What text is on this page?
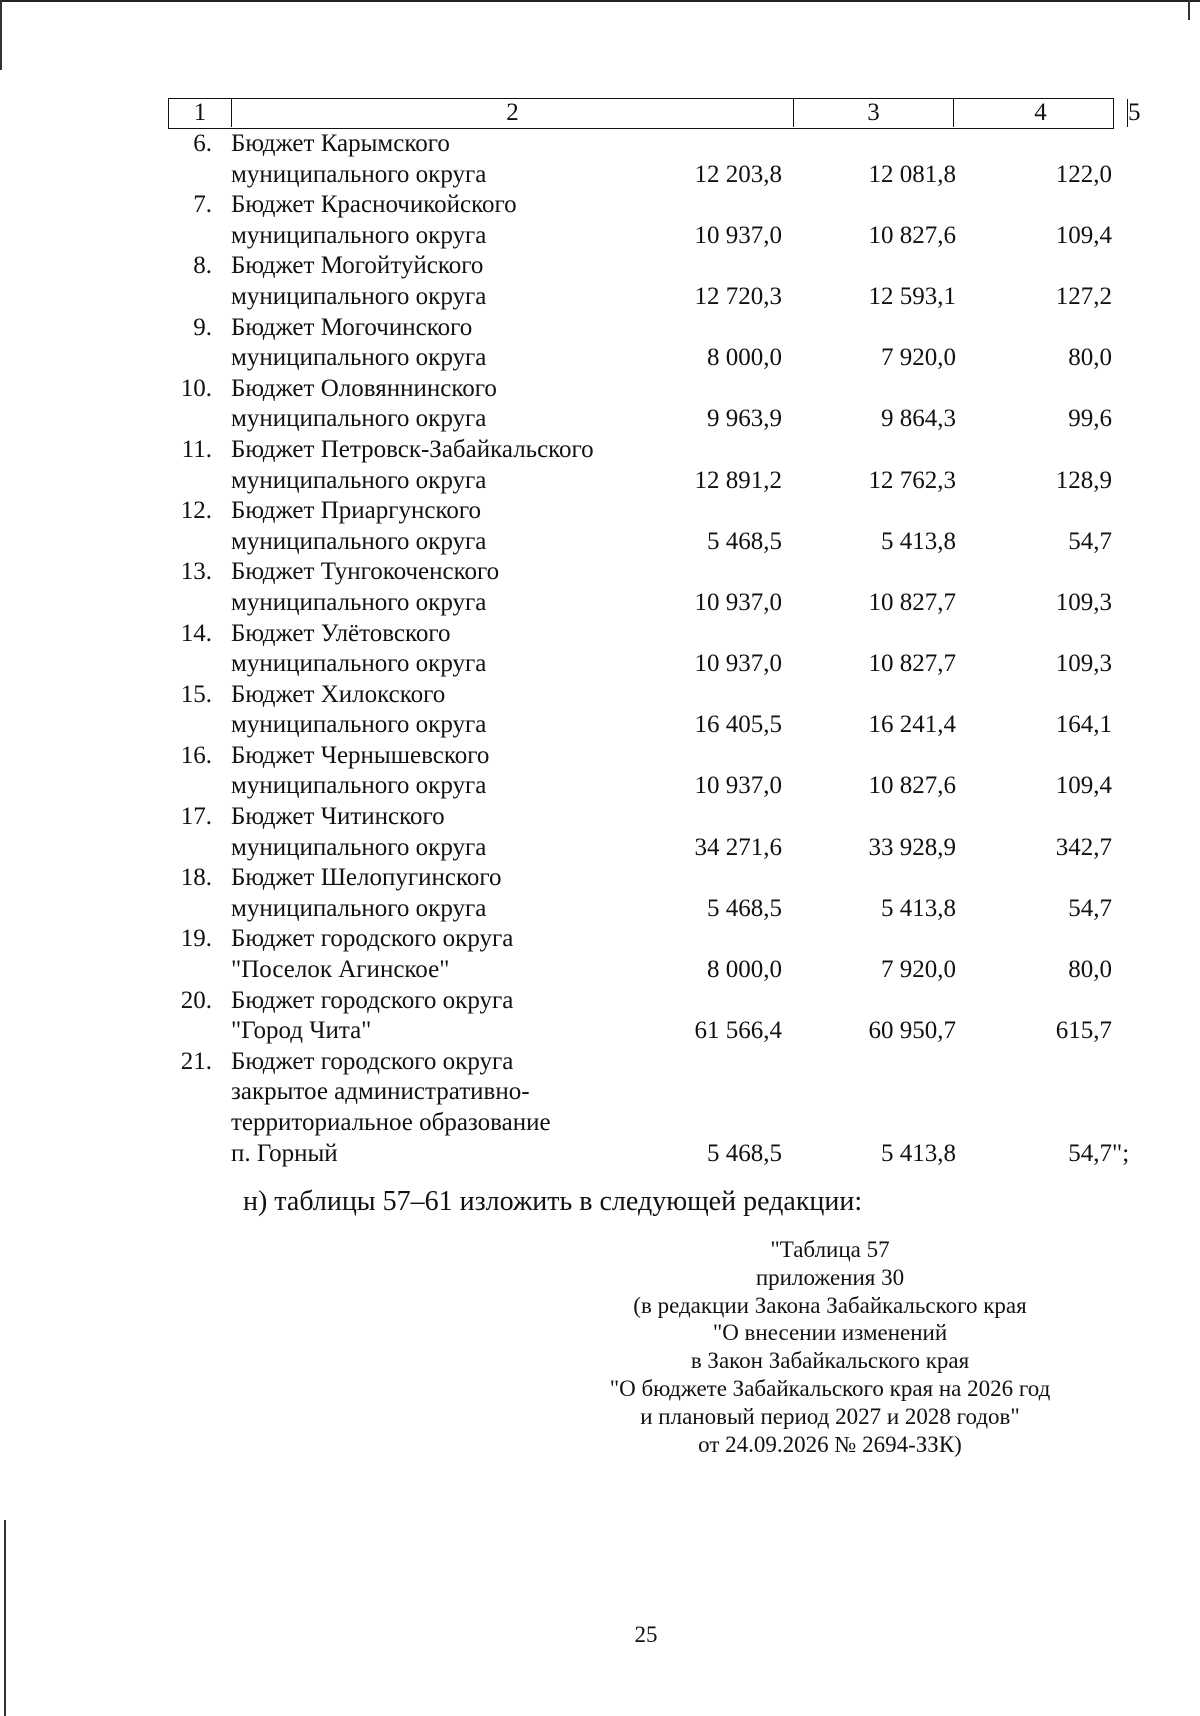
1	2	3	4	5
6. Бюджет Карымского
муниципального округа	12 203,8	12 081,8	122,0
7. Бюджет Красночикойского
муниципального округа	10 937,0	10 827,6	109,4
8. Бюджет Могойтуйского
муниципального округа	12 720,3	12 593,1	127,2
9. Бюджет Могочинского
муниципального округа	8 000,0	7 920,0	80,0
10. Бюджет Оловяннинского
муниципального округа	9 963,9	9 864,3	99,6
11. Бюджет Петровск-Забайкальского
муниципального округа	12 891,2	12 762,3	128,9
12. Бюджет Приаргунского
муниципального округа	5 468,5	5 413,8	54,7
13. Бюджет Тунгокоченского
муниципального округа	10 937,0	10 827,7	109,3
14. Бюджет Улётовского
муниципального округа	10 937,0	10 827,7	109,3
15. Бюджет Хилокского
муниципального округа	16 405,5	16 241,4	164,1
16. Бюджет Чернышевского
муниципального округа	10 937,0	10 827,6	109,4
17. Бюджет Читинского
муниципального округа	34 271,6	33 928,9	342,7
18. Бюджет Шелопугинского
муниципального округа	5 468,5	5 413,8	54,7
19. Бюджет городского округа
"Поселок Агинское"	8 000,0	7 920,0	80,0
20. Бюджет городского округа
"Город Чита"	61 566,4	60 950,7	615,7
21. Бюджет городского округа
закрытое административно-
территориальное образование
п. Горный	5 468,5	5 413,8	54,7 ";
н) таблицы 57–61 изложить в следующей редакции:
"Таблица 57
приложения 30
(в редакции Закона Забайкальского края
"О внесении изменений
в Закон Забайкальского края
"О бюджете Забайкальского края на 2026 год
и плановый период 2027 и 2028 годов"
от 24.09.2026 № 2694-ЗЗК)
25
